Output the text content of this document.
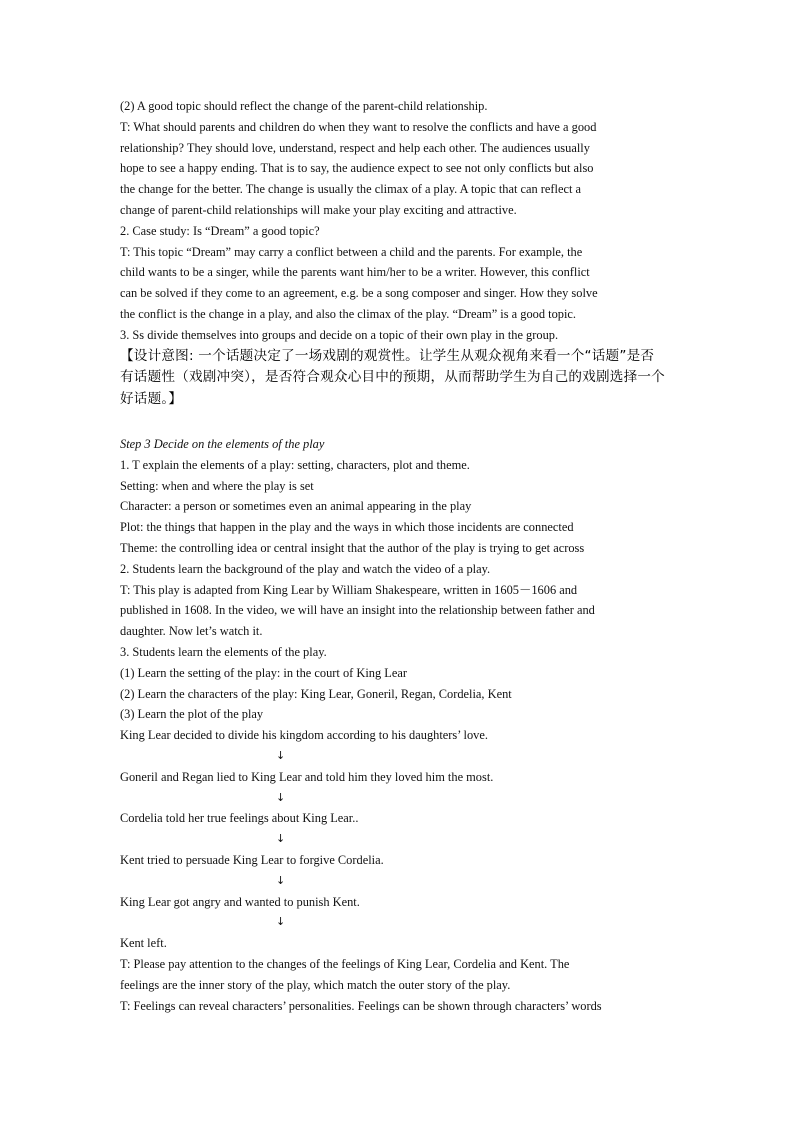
(2) A good topic should reflect the change of the parent-child relationship.
T: What should parents and children do when they want to resolve the conflicts and have a good
relationship? They should love, understand, respect and help each other. The audiences usually
hope to see a happy ending. That is to say, the audience expect to see not only conflicts but also
the change for the better. The change is usually the climax of a play. A topic that can reflect a
change of parent-child relationships will make your play exciting and attractive.
2. Case study: Is “Dream” a good topic?
T: This topic “Dream” may carry a conflict between a child and the parents. For example, the
child wants to be a singer, while the parents want him/her to be a writer. However, this conflict
can be solved if they come to an agreement, e.g. be a song composer and singer. How they solve
the conflict is the change in a play, and also the climax of the play. “Dream” is a good topic.
3. Ss divide themselves into groups and decide on a topic of their own play in the group.
【设计意图: 一个话题决定了一场戏剧的观赏性。让学生从观众视角来看一个“话题”是否
有话题性（戏剧冲突），是否符合观众心目中的预期，从而帮助学生为自己的戏剧选择一个
好话题。】
Step 3 Decide on the elements of the play
1. T explain the elements of a play: setting, characters, plot and theme.
Setting: when and where the play is set
Character: a person or sometimes even an animal appearing in the play
Plot: the things that happen in the play and the ways in which those incidents are connected
Theme: the controlling idea or central insight that the author of the play is trying to get across
2. Students learn the background of the play and watch the video of a play.
T: This play is adapted from King Lear by William Shakespeare, written in 1605－1606 and
published in 1608. In the video, we will have an insight into the relationship between father and
daughter. Now let’s watch it.
3. Students learn the elements of the play.
(1) Learn the setting of the play: in the court of King Lear
(2) Learn the characters of the play: King Lear, Goneril, Regan, Cordelia, Kent
(3) Learn the plot of the play
King Lear decided to divide his kingdom according to his daughters’ love.
↓
Goneril and Regan lied to King Lear and told him they loved him the most.
↓
Cordelia told her true feelings about King Lear..
↓
Kent tried to persuade King Lear to forgive Cordelia.
↓
King Lear got angry and wanted to punish Kent.
↓
Kent left.
T: Please pay attention to the changes of the feelings of King Lear, Cordelia and Kent. The
feelings are the inner story of the play, which match the outer story of the play.
T: Feelings can reveal characters’ personalities. Feelings can be shown through characters’ words
